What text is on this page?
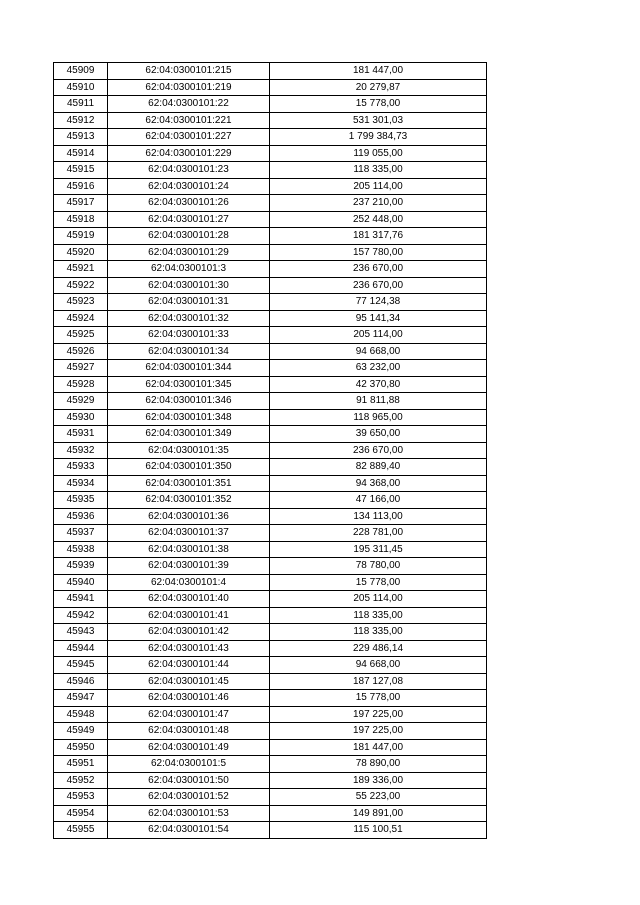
45909	62:04:0300101:215	181 447,00
45910	62:04:0300101:219	20 279,87
45911	62:04:0300101:22	15 778,00
45912	62:04:0300101:221	531 301,03
45913	62:04:0300101:227	1 799 384,73
45914	62:04:0300101:229	119 055,00
45915	62:04:0300101:23	118 335,00
45916	62:04:0300101:24	205 114,00
45917	62:04:0300101:26	237 210,00
45918	62:04:0300101:27	252 448,00
45919	62:04:0300101:28	181 317,76
45920	62:04:0300101:29	157 780,00
45921	62:04:0300101:3	236 670,00
45922	62:04:0300101:30	236 670,00
45923	62:04:0300101:31	77 124,38
45924	62:04:0300101:32	95 141,34
45925	62:04:0300101:33	205 114,00
45926	62:04:0300101:34	94 668,00
45927	62:04:0300101:344	63 232,00
45928	62:04:0300101:345	42 370,80
45929	62:04:0300101:346	91 811,88
45930	62:04:0300101:348	118 965,00
45931	62:04:0300101:349	39 650,00
45932	62:04:0300101:35	236 670,00
45933	62:04:0300101:350	82 889,40
45934	62:04:0300101:351	94 368,00
45935	62:04:0300101:352	47 166,00
45936	62:04:0300101:36	134 113,00
45937	62:04:0300101:37	228 781,00
45938	62:04:0300101:38	195 311,45
45939	62:04:0300101:39	78 780,00
45940	62:04:0300101:4	15 778,00
45941	62:04:0300101:40	205 114,00
45942	62:04:0300101:41	118 335,00
45943	62:04:0300101:42	118 335,00
45944	62:04:0300101:43	229 486,14
45945	62:04:0300101:44	94 668,00
45946	62:04:0300101:45	187 127,08
45947	62:04:0300101:46	15 778,00
45948	62:04:0300101:47	197 225,00
45949	62:04:0300101:48	197 225,00
45950	62:04:0300101:49	181 447,00
45951	62:04:0300101:5	78 890,00
45952	62:04:0300101:50	189 336,00
45953	62:04:0300101:52	55 223,00
45954	62:04:0300101:53	149 891,00
45955	62:04:0300101:54	115 100,51
